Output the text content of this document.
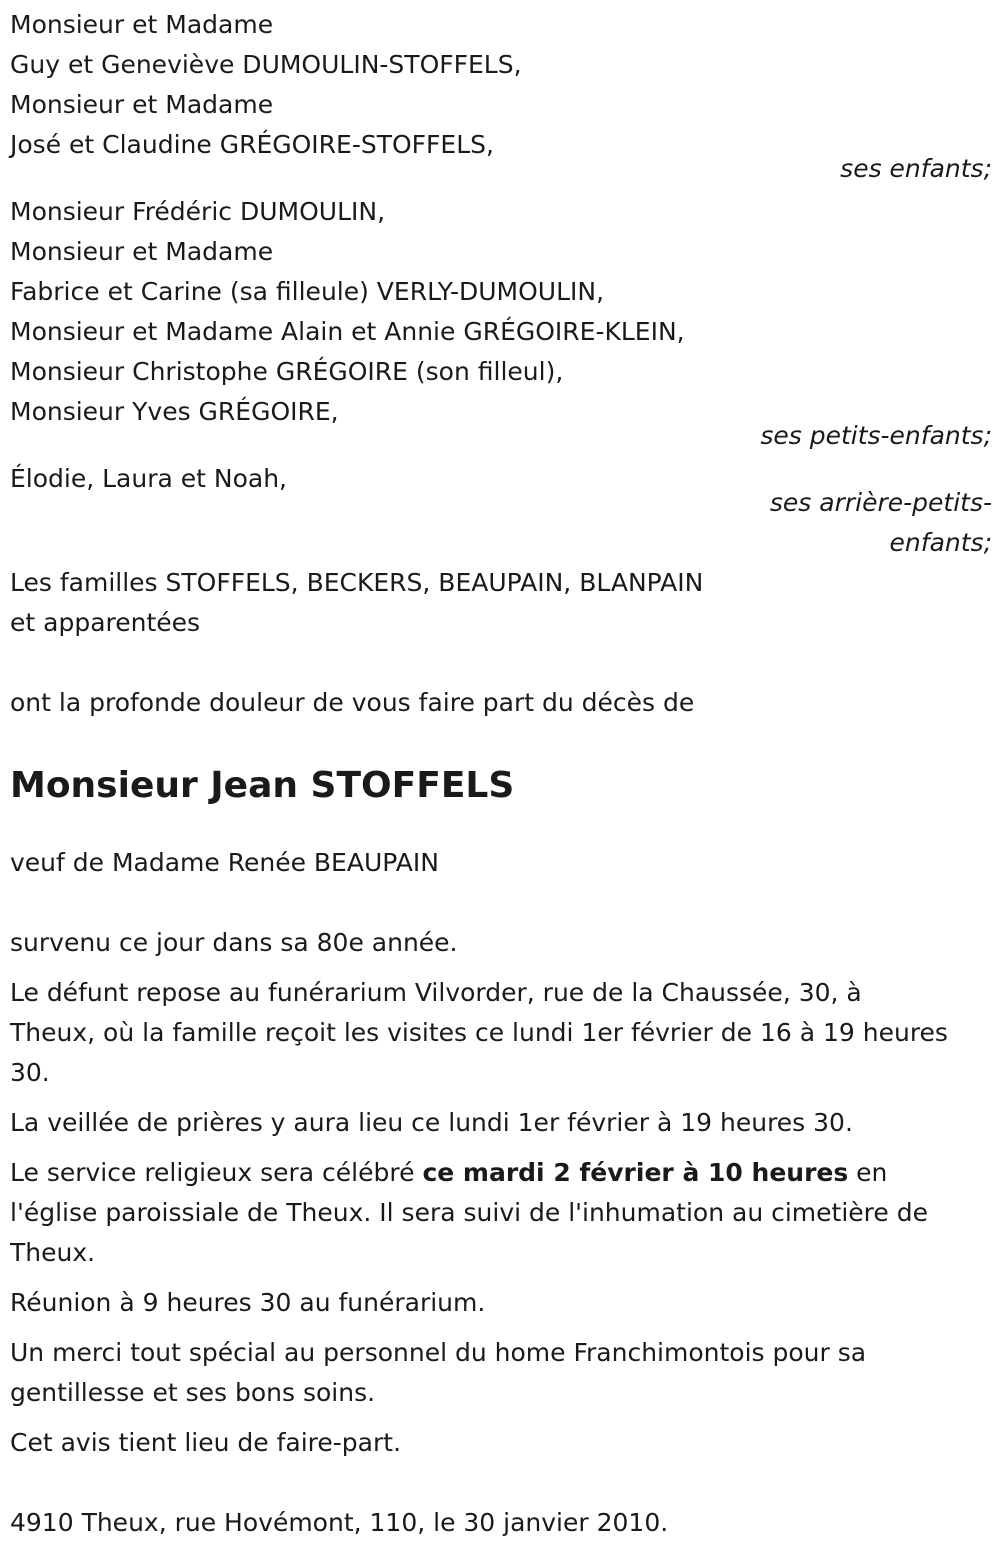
Monsieur et Madame
Guy et Geneviève DUMOULIN-STOFFELS,
Monsieur et Madame
José et Claudine GRÉGOIRE-STOFFELS,
ses enfants;
Monsieur Frédéric DUMOULIN,
Monsieur et Madame
Fabrice et Carine (sa filleule) VERLY-DUMOULIN,
Monsieur et Madame Alain et Annie GRÉGOIRE-KLEIN,
Monsieur Christophe GRÉGOIRE (son filleul),
Monsieur Yves GRÉGOIRE,
ses petits-enfants;
Élodie, Laura et Noah,
ses arrière-petits-
enfants;
Les familles STOFFELS, BECKERS, BEAUPAIN, BLANPAIN
et apparentées
ont la profonde douleur de vous faire part du décès de
Monsieur Jean STOFFELS
veuf de Madame Renée BEAUPAIN
survenu ce jour dans sa 80e année.
Le défunt repose au funérarium Vilvorder, rue de la Chaussée, 30, à
Theux, où la famille reçoit les visites ce lundi 1er février de 16 à 19 heures
30.
La veillée de prières y aura lieu ce lundi 1er février à 19 heures 30.
Le service religieux sera célébré ce mardi 2 février à 10 heures en
l'église paroissiale de Theux. Il sera suivi de l'inhumation au cimetière de
Theux.
Réunion à 9 heures 30 au funérarium.
Un merci tout spécial au personnel du home Franchimontois pour sa
gentillesse et ses bons soins.
Cet avis tient lieu de faire-part.
4910 Theux, rue Hovémont, 110, le 30 janvier 2010.
